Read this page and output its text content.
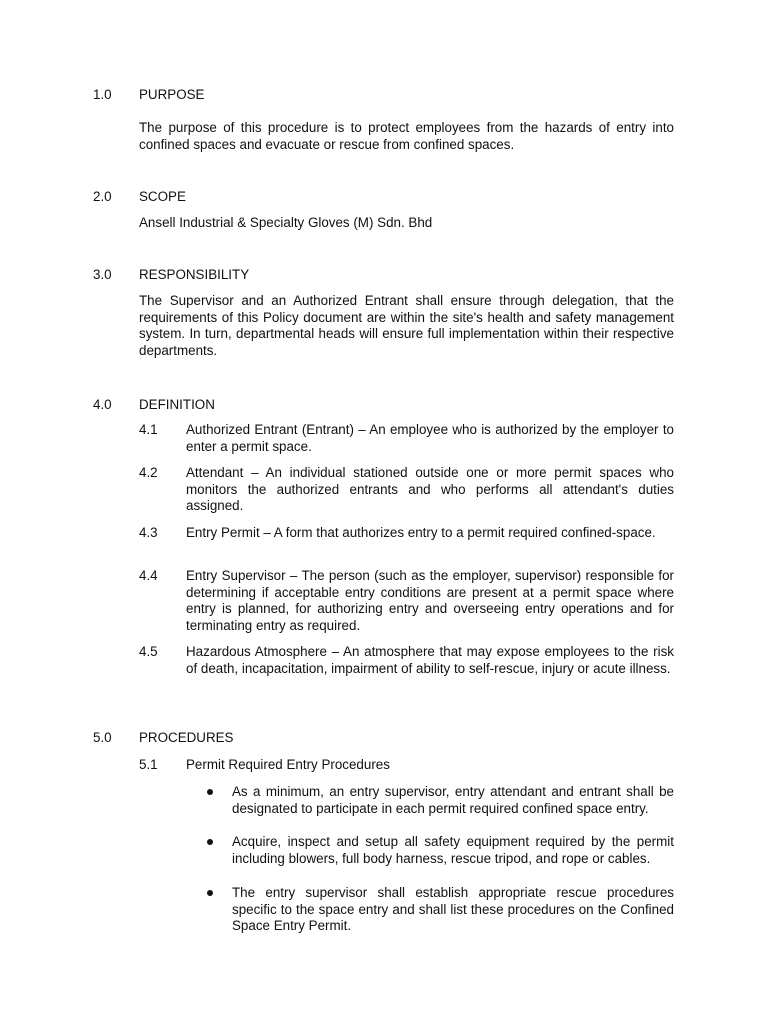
1.0 PURPOSE

The purpose of this procedure is to protect employees from the hazards of entry into confined spaces and evacuate or rescue from confined spaces.

2.0 SCOPE

Ansell Industrial & Specialty Gloves (M) Sdn. Bhd

3.0 RESPONSIBILITY

The Supervisor and an Authorized Entrant shall ensure through delegation, that the requirements of this Policy document are within the site's health and safety management system. In turn, departmental heads will ensure full implementation within their respective departments.

4.0 DEFINITION
4.1 Authorized Entrant (Entrant) – An employee who is authorized by the employer to enter a permit space.

4.2 Attendant – An individual stationed outside one or more permit spaces who monitors the authorized entrants and who performs all attendant's duties assigned.

4.3 Entry Permit – A form that authorizes entry to a permit required confined-space.

4.4 Entry Supervisor – The person (such as the employer, supervisor) responsible for determining if acceptable entry conditions are present at a permit space where entry is planned, for authorizing entry and overseeing entry operations and for terminating entry as required.

4.5 Hazardous Atmosphere – An atmosphere that may expose employees to the risk of death, incapacitation, impairment of ability to self-rescue, injury or acute illness.

5.0 PROCEDURES
5.1 Permit Required Entry Procedures

As a minimum, an entry supervisor, entry attendant and entrant shall be designated to participate in each permit required confined space entry.

Acquire, inspect and setup all safety equipment required by the permit including blowers, full body harness, rescue tripod, and rope or cables.

The entry supervisor shall establish appropriate rescue procedures specific to the space entry and shall list these procedures on the Confined Space Entry Permit.
